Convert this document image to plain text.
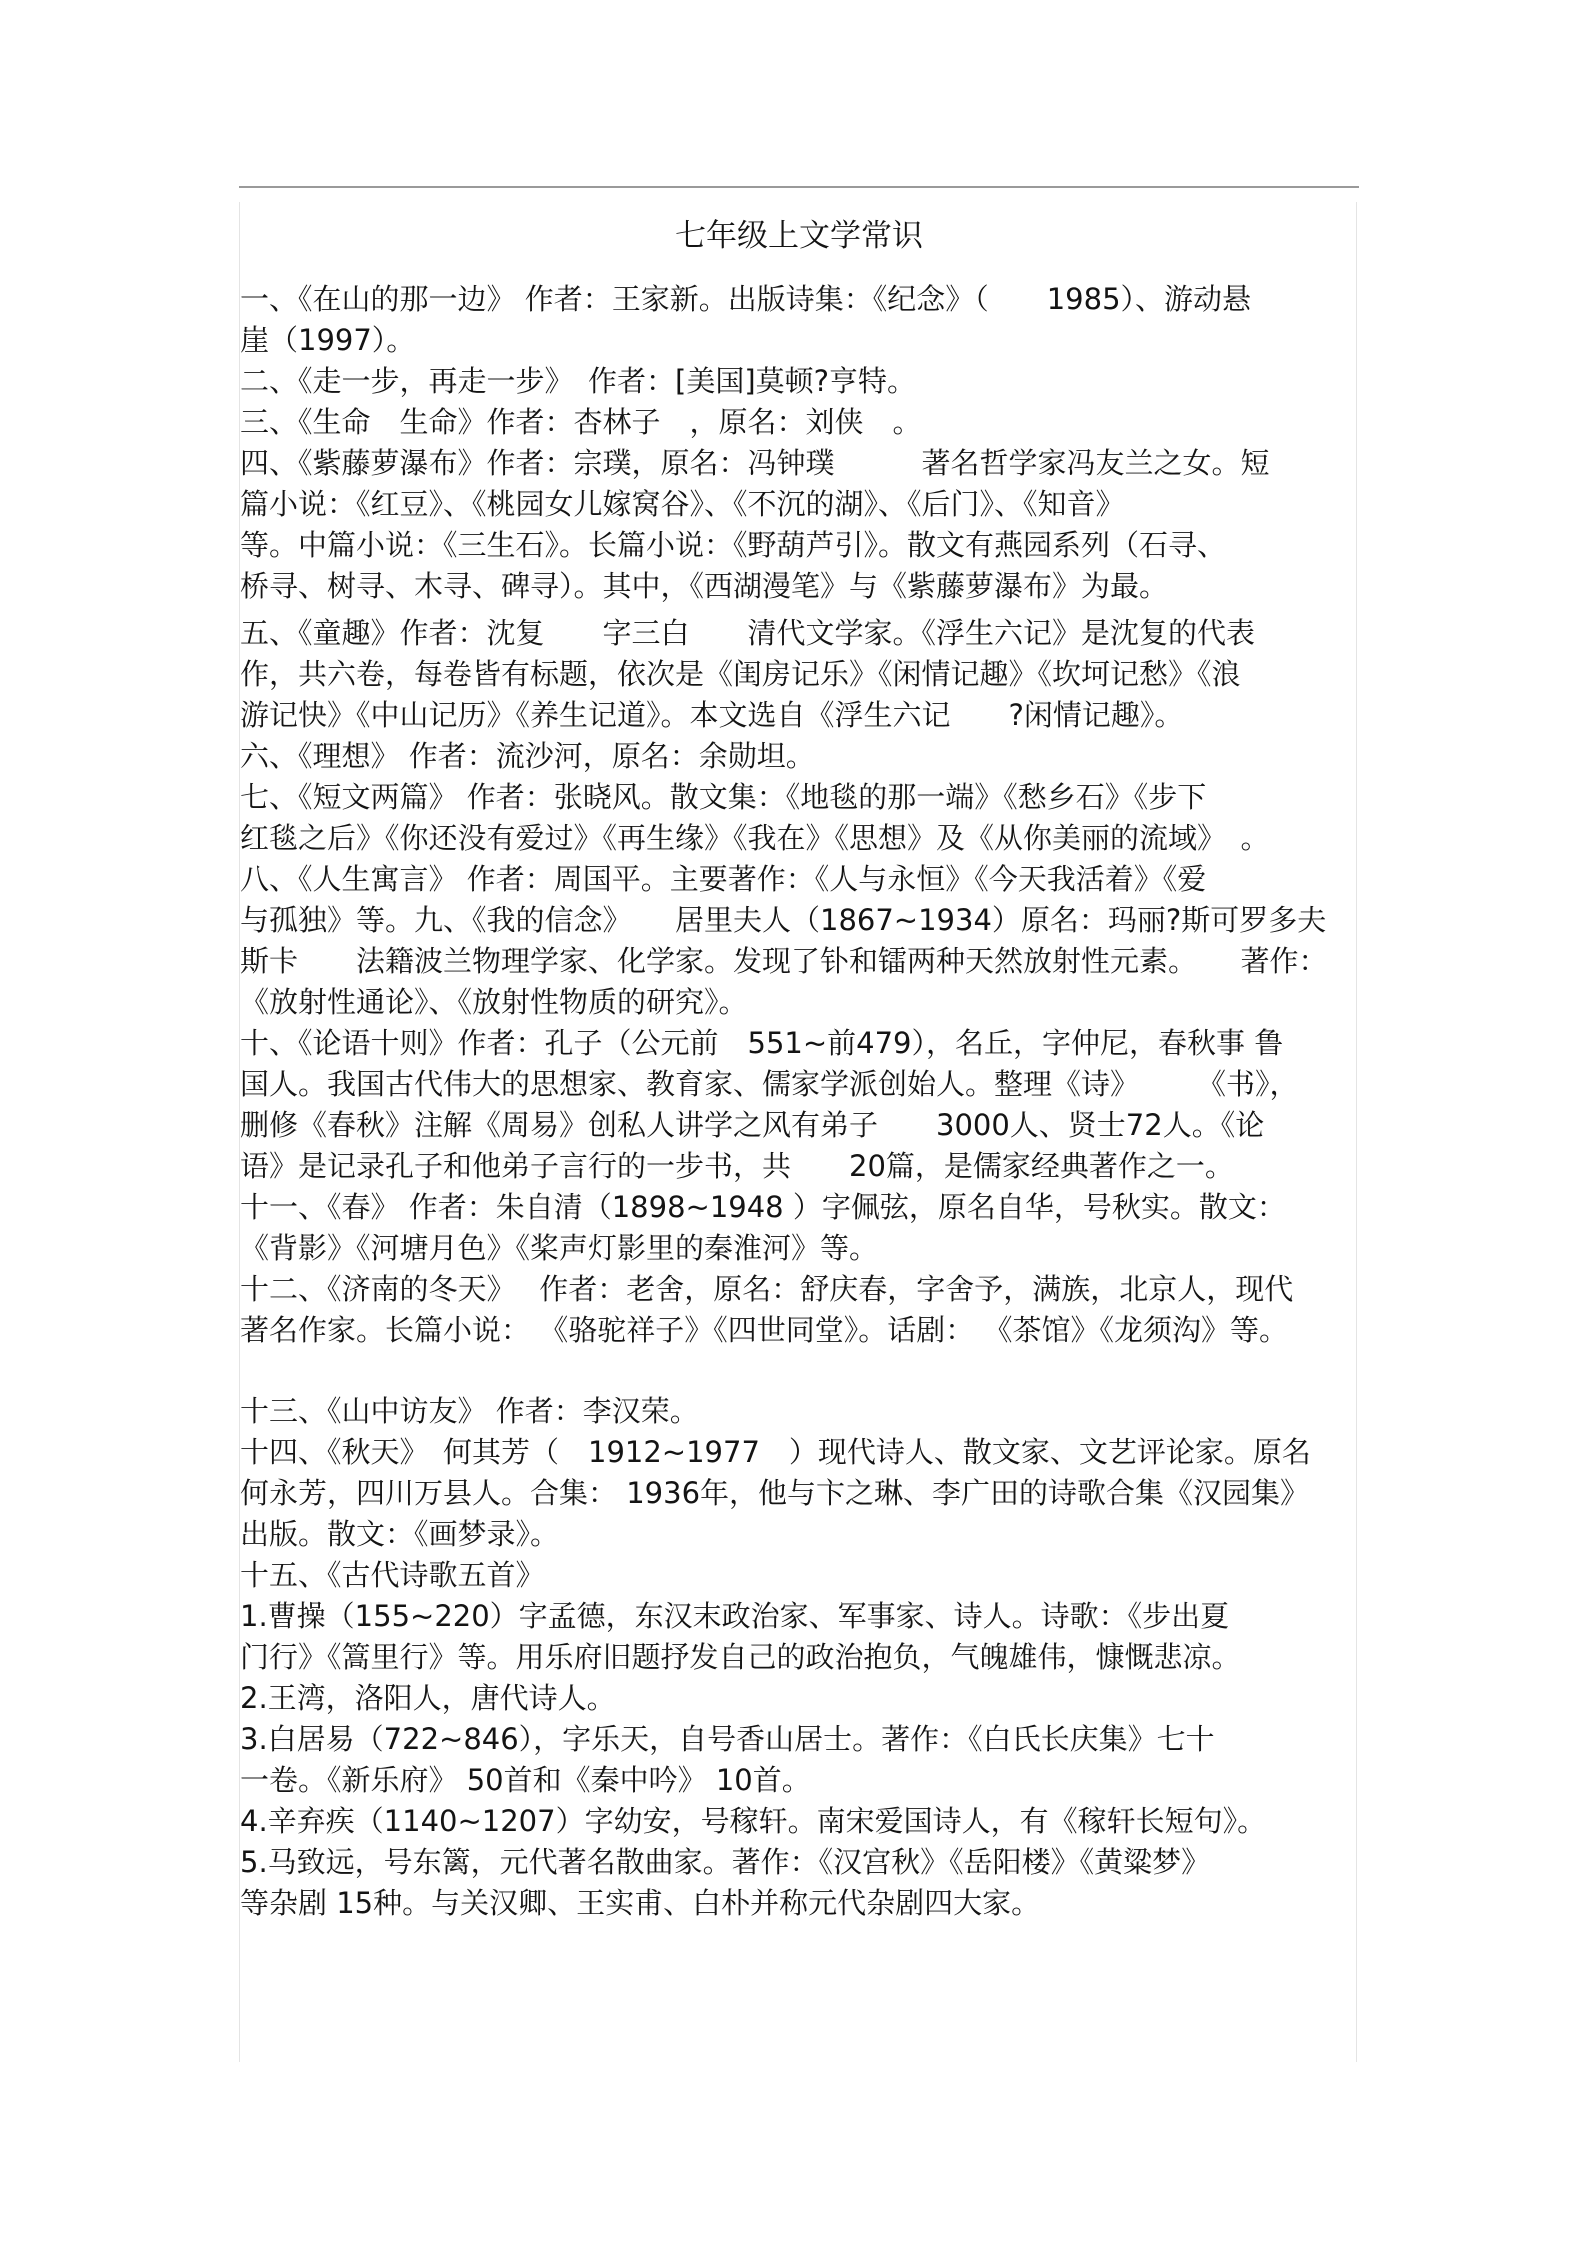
七年级上文学常识
一、《在山的那一边》 作者：王家新。出版诗集：《纪念》（　　1985）、游动悬
崖（1997）。
二、《走一步，再走一步》　作者：[美国]莫顿?亨特。
三、《生命　生命》作者：杏林子　，原名：刘侠　。
四、《紫藤萝瀑布》作者：宗璞，原名：冯钟璞　　　著名哲学家冯友兰之女。短
篇小说：《红豆》、《桃园女儿嫁窝谷》、《不沉的湖》、《后门》、《知音》
等。中篇小说：《三生石》。长篇小说：《野葫芦引》。散文有燕园系列（石寻、
桥寻、树寻、木寻、碑寻）。其中，《西湖漫笔》与《紫藤萝瀑布》为最。
五、《童趣》作者：沈复　　字三白　　清代文学家。《浮生六记》是沈复的代表
作，共六卷，每卷皆有标题，依次是《闺房记乐》《闲情记趣》《坎坷记愁》《浪
游记快》《中山记历》《养生记道》。本文选自《浮生六记　　?闲情记趣》。
六、《理想》 作者：流沙河，原名：余勋坦。
七、《短文两篇》 作者：张晓风。散文集：《地毯的那一端》《愁乡石》《步下
红毯之后》《你还没有爱过》《再生缘》《我在》《思想》及《从你美丽的流域》　。
八、《人生寓言》 作者：周国平。主要著作：《人与永恒》《今天我活着》《爱
与孤独》等。九、《我的信念》　　居里夫人（1867~1934）原名：玛丽?斯可罗多夫
斯卡　　法籍波兰物理学家、化学家。发现了钋和镭两种天然放射性元素。　　著作：
《放射性通论》、《放射性物质的研究》。
十、《论语十则》作者：孔子（公元前　551~前479），名丘，字仲尼，春秋事 鲁
国人。我国古代伟大的思想家、教育家、儒家学派创始人。整理《诗》　　　《书》，
删修《春秋》注解《周易》创私人讲学之风有弟子　　3000人、贤士72人。《论
语》是记录孔子和他弟子言行的一步书，共　　20篇，是儒家经典著作之一。
十一、《春》 作者：朱自清（1898~1948 ）字佩弦，原名自华，号秋实。散文：
《背影》《河塘月色》《桨声灯影里的秦淮河》等。
十二、《济南的冬天》　 作者：老舍，原名：舒庆春，字舍予，满族，北京人，现代
著名作家。长篇小说： 《骆驼祥子》《四世同堂》。话剧： 《茶馆》《龙须沟》等。
十三、《山中访友》 作者：李汉荣。
十四、《秋天》　何其芳（　1912~1977　）现代诗人、散文家、文艺评论家。原名
何永芳，四川万县人。合集： 1936年，他与卞之琳、李广田的诗歌合集《汉园集》
出版。散文：《画梦录》。
十五、《古代诗歌五首》
1.曹操（155~220）字孟德，东汉末政治家、军事家、诗人。诗歌：《步出夏
门行》《篙里行》等。用乐府旧题抒发自己的政治抱负，气魄雄伟，慷慨悲凉。
2.王湾，洛阳人，唐代诗人。
3.白居易（722~846），字乐天，自号香山居士。著作：《白氏长庆集》七十
一卷。《新乐府》 50首和《秦中吟》 10首。
4.辛弃疾（1140~1207）字幼安，号稼轩。南宋爱国诗人，有《稼轩长短句》。
5.马致远，号东篱，元代著名散曲家。著作：《汉宫秋》《岳阳楼》《黄粱梦》
等杂剧 15种。与关汉卿、王实甫、白朴并称元代杂剧四大家。
